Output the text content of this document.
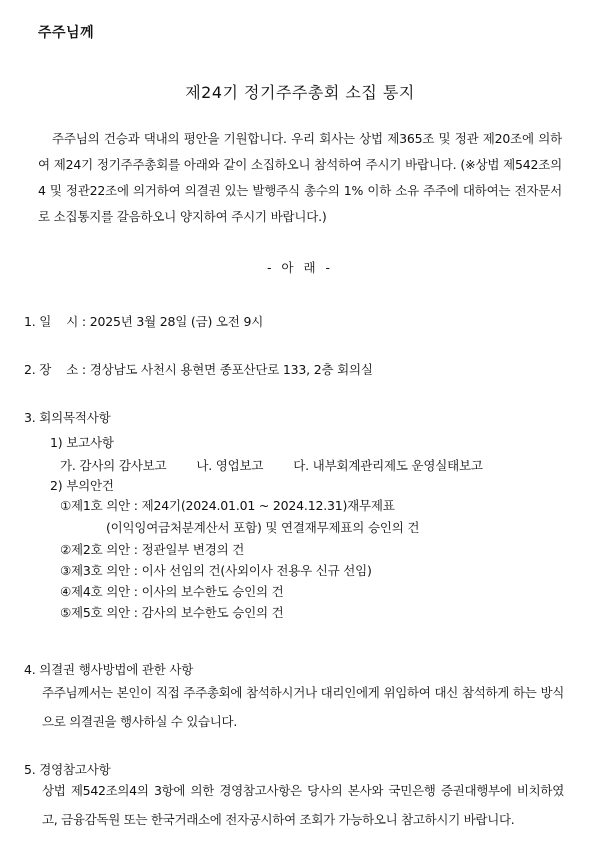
주주님께
제24기 정기주주총회 소집 통지
주주님의 건승과 댁내의 평안을 기원합니다. 우리 회사는 상법 제365조 및 정관 제20조에 의하여 제24기 정기주주총회를 아래와 같이 소집하오니 참석하여 주시기 바랍니다. (※상법 제542조의4 및 정관22조에 의거하여 의결권 있는 발행주식 총수의 1% 이하 소유 주주에 대하여는 전자문서로 소집통지를 갈음하오니 양지하여 주시기 바랍니다.)
- 아 래 -
1. 일    시 : 2025년 3월 28일 (금) 오전 9시
2. 장    소 : 경상남도 사천시 용현면 종포산단로 133, 2층 회의실
3. 회의목적사항
1) 보고사항
가. 감사의 감사보고 나. 영업보고 다. 내부회계관리제도 운영실태보고
2) 부의안건
①제1호 의안 : 제24기(2024.01.01 ~ 2024.12.31)재무제표
(이익잉여금처분계산서 포함) 및 연결재무제표의 승인의 건
②제2호 의안 : 정관일부 변경의 건
③제3호 의안 : 이사 선임의 건(사외이사 전용우 신규 선임)
④제4호 의안 : 이사의 보수한도 승인의 건
⑤제5호 의안 : 감사의 보수한도 승인의 건
4. 의결권 행사방법에 관한 사항
주주님께서는 본인이 직접 주주총회에 참석하시거나 대리인에게 위임하여 대신 참석하게 하는 방식으로 의결권을 행사하실 수 있습니다.
5. 경영참고사항
상법 제542조의4의 3항에 의한 경영참고사항은 당사의 본사와 국민은행 증권대행부에 비치하였고, 금융감독원 또는 한국거래소에 전자공시하여 조회가 가능하오니 참고하시기 바랍니다.
